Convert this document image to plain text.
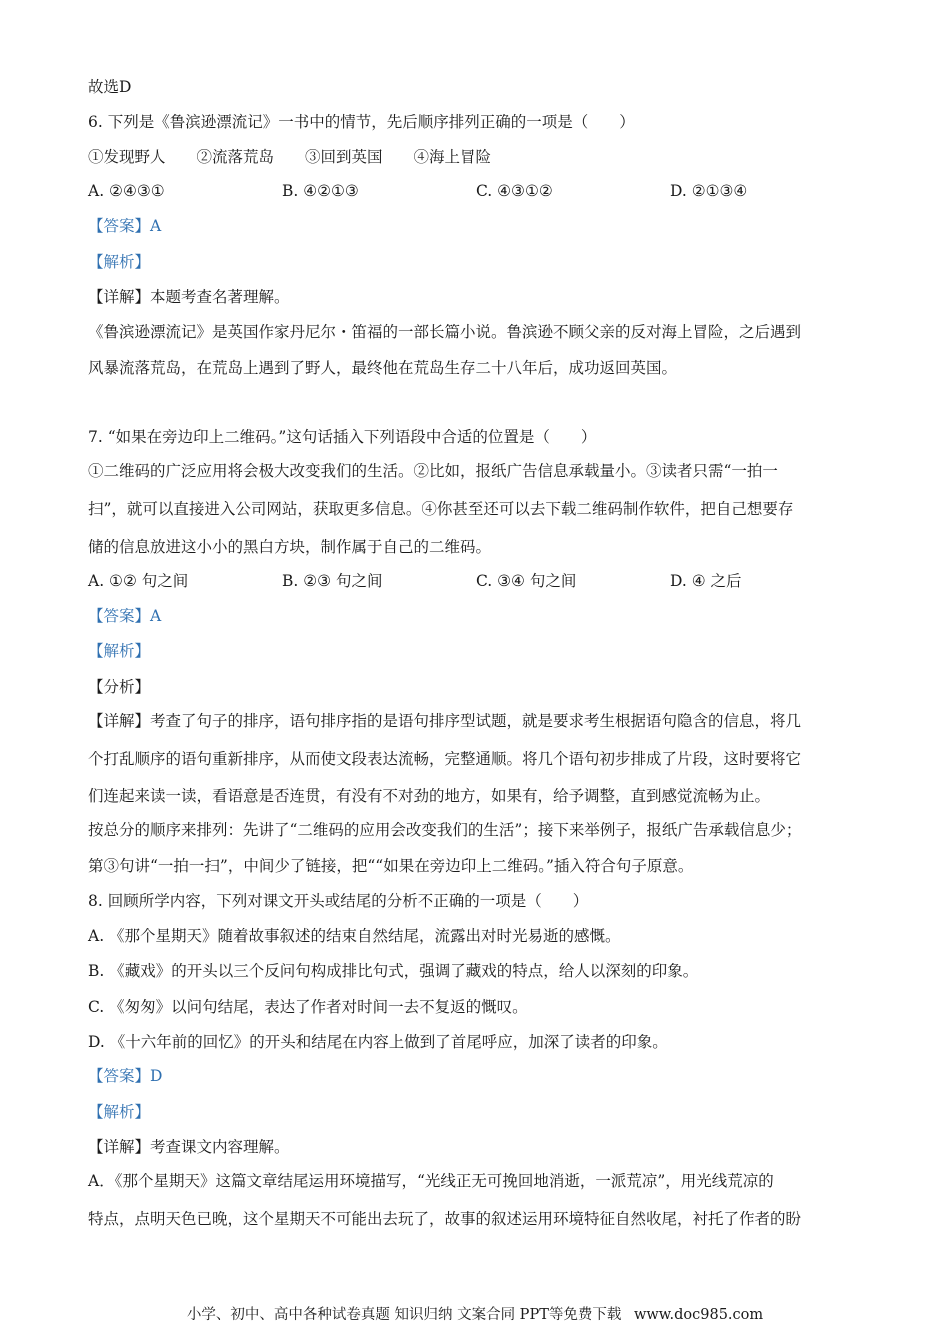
故选D
6. 下列是《鲁滨逊漂流记》一书中的情节，先后顺序排列正确的一项是（　　）
①发现野人　　②流落荒岛　　③回到英国　　④海上冒险
A. ②④③①	B. ④②①③	C. ④③①②	D. ②①③④
【答案】A
【解析】
【详解】本题考查名著理解。
《鲁滨逊漂流记》是英国作家丹尼尔・笛福的一部长篇小说。鲁滨逊不顾父亲的反对海上冒险，之后遇到
风暴流落荒岛，在荒岛上遇到了野人，最终他在荒岛生存二十八年后，成功返回英国。
7. “如果在旁边印上二维码。”这句话插入下列语段中合适的位置是（　　）
①二维码的广泛应用将会极大改变我们的生活。②比如，报纸广告信息承载量小。③读者只需“一拍一
扫”，就可以直接进入公司网站，获取更多信息。④你甚至还可以去下载二维码制作软件，把自己想要存
储的信息放进这小小的黑白方块，制作属于自己的二维码。
A. ①② 句之间	B. ②③ 句之间	C. ③④ 句之间	D. ④ 之后
【答案】A
【解析】
【分析】
【详解】考查了句子的排序，语句排序指的是语句排序型试题，就是要求考生根据语句隐含的信息，将几
个打乱顺序的语句重新排序，从而使文段表达流畅，完整通顺。将几个语句初步排成了片段，这时要将它
们连起来读一读，看语意是否连贯，有没有不对劲的地方，如果有，给予调整，直到感觉流畅为止。
按总分的顺序来排列：先讲了“二维码的应用会改变我们的生活”；接下来举例子，报纸广告承载信息少；
第③句讲“一拍一扫”，中间少了链接，把““如果在旁边印上二维码。”插入符合句子原意。
8. 回顾所学内容，下列对课文开头或结尾的分析不正确的一项是（　　）
A. 《那个星期天》随着故事叙述的结束自然结尾，流露出对时光易逝的感慨。
B. 《藏戏》的开头以三个反问句构成排比句式，强调了藏戏的特点，给人以深刻的印象。
C. 《匆匆》以问句结尾，表达了作者对时间一去不复返的慨叹。
D. 《十六年前的回忆》的开头和结尾在内容上做到了首尾呼应，加深了读者的印象。
【答案】D
【解析】
【详解】考查课文内容理解。
A．《那个星期天》这篇文章结尾运用环境描写，“光线正无可挽回地消逝，一派荒凉”，用光线荒凉的
特点，点明天色已晚，这个星期天不可能出去玩了，故事的叙述运用环境特征自然收尾，衬托了作者的盼
小学、初中、高中各种试卷真题 知识归纳 文案合同 PPT等免费下载 www.doc985.com
